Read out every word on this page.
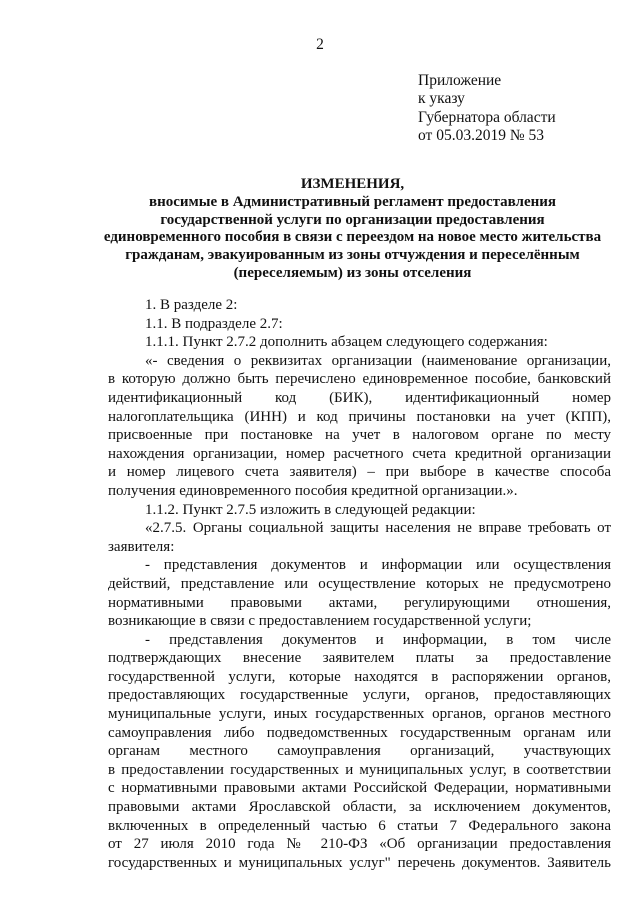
2
Приложение
к указу
Губернатора области
от 05.03.2019 № 53
ИЗМЕНЕНИЯ,
вносимые в Административный регламент предоставления
государственной услуги по организации предоставления
единовременного пособия в связи с переездом на новое место жительства
гражданам, эвакуированным из зоны отчуждения и переселённым
(переселяемым) из зоны отселения
1. В разделе 2:
1.1. В подразделе 2.7:
1.1.1. Пункт 2.7.2 дополнить абзацем следующего содержания:
«- сведения о реквизитах организации (наименование организации,
в которую должно быть перечислено единовременное пособие, банковский
идентификационный код (БИК), идентификационный номер
налогоплательщика (ИНН) и код причины постановки на учет (КПП),
присвоенные при постановке на учет в налоговом органе по месту
нахождения организации, номер расчетного счета кредитной организации
и номер лицевого счета заявителя) – при выборе в качестве способа
получения единовременного пособия кредитной организации.».
1.1.2. Пункт 2.7.5 изложить в следующей редакции:
«2.7.5. Органы социальной защиты населения не вправе требовать от
заявителя:
- представления документов и информации или осуществления
действий, представление или осуществление которых не предусмотрено
нормативными правовыми актами, регулирующими отношения,
возникающие в связи с предоставлением государственной услуги;
- представления документов и информации, в том числе
подтверждающих внесение заявителем платы за предоставление
государственной услуги, которые находятся в распоряжении органов,
предоставляющих государственные услуги, органов, предоставляющих
муниципальные услуги, иных государственных органов, органов местного
самоуправления либо подведомственных государственным органам или
органам местного самоуправления организаций, участвующих
в предоставлении государственных и муниципальных услуг, в соответствии
с нормативными правовыми актами Российской Федерации, нормативными
правовыми актами Ярославской области, за исключением документов,
включенных в определенный частью 6 статьи 7 Федерального закона
от 27 июля 2010 года № 210-ФЗ «Об организации предоставления
государственных и муниципальных услуг" перечень документов. Заявитель
